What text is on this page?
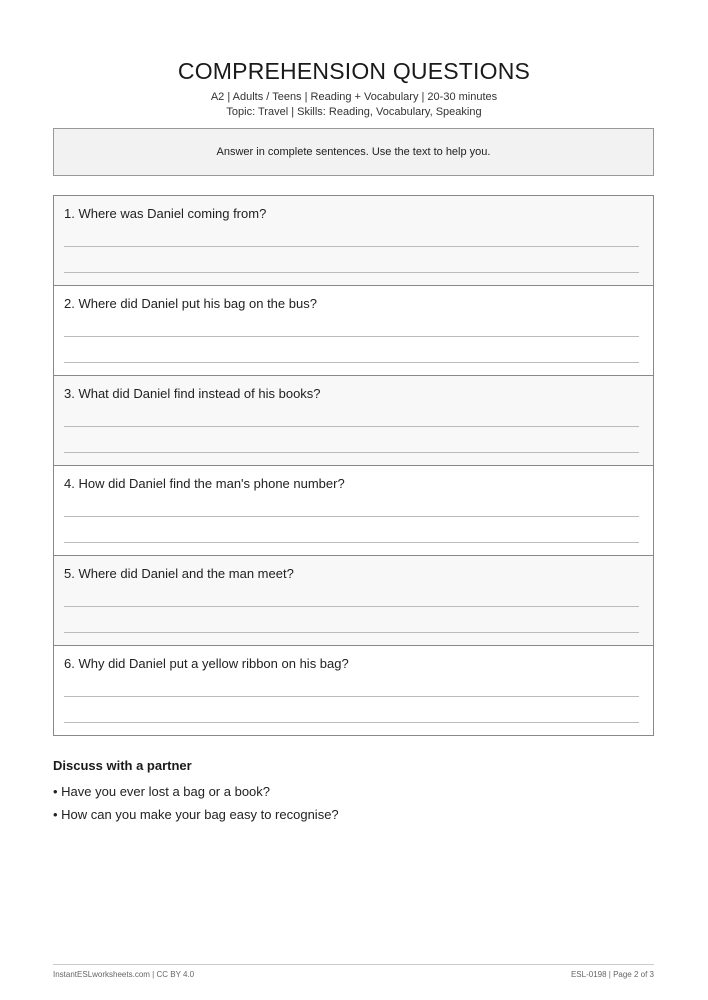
COMPREHENSION QUESTIONS
A2 | Adults / Teens | Reading + Vocabulary | 20-30 minutes
Topic: Travel | Skills: Reading, Vocabulary, Speaking
Answer in complete sentences. Use the text to help you.
1. Where was Daniel coming from?
2. Where did Daniel put his bag on the bus?
3. What did Daniel find instead of his books?
4. How did Daniel find the man's phone number?
5. Where did Daniel and the man meet?
6. Why did Daniel put a yellow ribbon on his bag?
Discuss with a partner
• Have you ever lost a bag or a book?
• How can you make your bag easy to recognise?
InstantESLworksheets.com | CC BY 4.0	ESL-0198 | Page 2 of 3
